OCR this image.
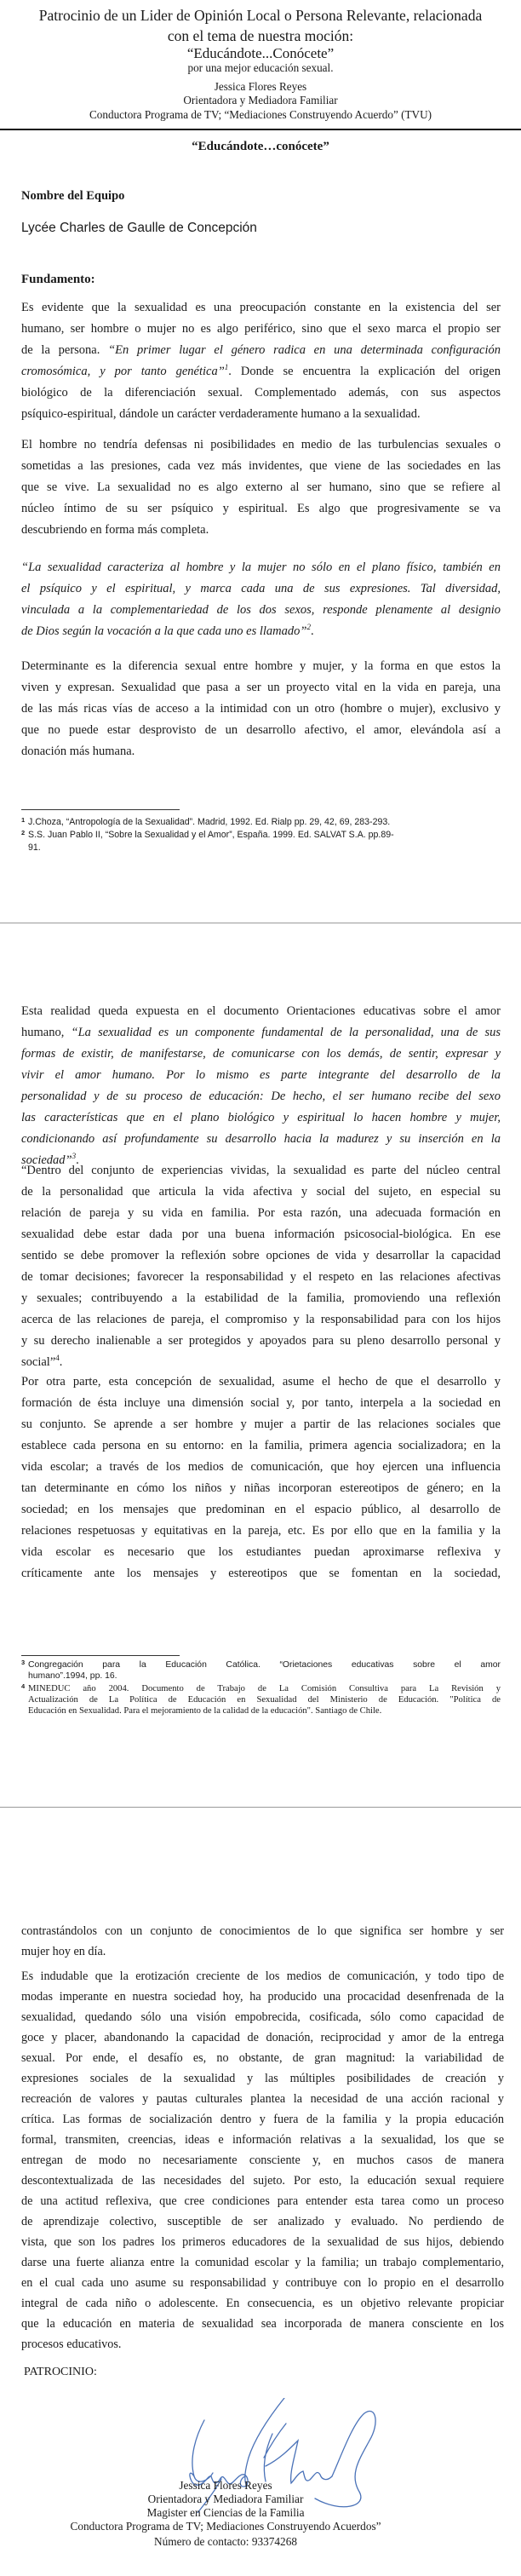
Patrocinio de un Lider de Opinión Local o Persona Relevante, relacionada
con el tema de nuestra moción:
“Educándote...Conócete”
por una mejor educación sexual.
Jessica Flores Reyes
Orientadora y Mediadora Familiar
Conductora Programa de TV; “Mediaciones Construyendo Acuerdo” (TVU)
“Educándote…conócete”
Nombre del Equipo
Lycée Charles de Gaulle de Concepción
Fundamento:
Es evidente que la sexualidad es una preocupación constante en la existencia del ser
humano, ser hombre o mujer no es algo periférico, sino que el sexo marca el propio ser
de la persona. “En primer lugar el género radica en una determinada configuración
cromosómica, y por tanto genética”$^1$. Donde se encuentra la explicación del origen
biológico de la diferenciación sexual. Complementado además, con sus aspectos
psíquico-espiritual, dándole un carácter verdaderamente humano a la sexualidad.
El hombre no tendría defensas ni posibilidades en medio de las turbulencias sexuales o
sometidas a las presiones, cada vez más invidentes, que viene de las sociedades en las
que se vive. La sexualidad no es algo externo al ser humano, sino que se refiere al
núcleo íntimo de su ser psíquico y espiritual. Es algo que progresivamente se va
descubriendo en forma más completa.
“La sexualidad caracteriza al hombre y la mujer no sólo en el plano físico, también en
el psíquico y el espiritual, y marca cada una de sus expresiones. Tal diversidad,
vinculada a la complementariedad de los dos sexos, responde plenamente al designio
de Dios según la vocación a la que cada uno es llamado”$^2$.
Determinante es la diferencia sexual entre hombre y mujer, y la forma en que estos la
viven y expresan. Sexualidad que pasa a ser un proyecto vital en la vida en pareja, una
de las más ricas vías de acceso a la intimidad con un otro (hombre o mujer), exclusivo y
que no puede estar desprovisto de un desarrollo afectivo, el amor, elevándola así a
donación más humana.
1 J.Choza, “Antropología de la Sexualidad”. Madrid, 1992. Ed. Rialp pp. 29, 42, 69, 283-293.
2 S.S. Juan Pablo II, “Sobre la Sexualidad y el Amor”, España. 1999. Ed. SALVAT S.A. pp.89-
91.
Esta realidad queda expuesta en el documento Orientaciones educativas sobre el amor
humano, “La sexualidad es un componente fundamental de la personalidad, una de sus
formas de existir, de manifestarse, de comunicarse con los demás, de sentir, expresar y
vivir el amor humano. Por lo mismo es parte integrante del desarrollo de la
personalidad y de su proceso de educación: De hecho, el ser humano recibe del sexo
las características que en el plano biológico y espiritual lo hacen hombre y mujer,
condicionando así profundamente su desarrollo hacia la madurez y su inserción en la
sociedad”$^3$.
“Dentro del conjunto de experiencias vividas, la sexualidad es parte del núcleo central
de la personalidad que articula la vida afectiva y social del sujeto, en especial su
relación de pareja y su vida en familia. Por esta razón, una adecuada formación en
sexualidad debe estar dada por una buena información psicosocial-biológica. En ese
sentido se debe promover la reflexión sobre opciones de vida y desarrollar la capacidad
de tomar decisiones; favorecer la responsabilidad y el respeto en las relaciones afectivas
y sexuales; contribuyendo a la estabilidad de la familia, promoviendo una reflexión
acerca de las relaciones de pareja, el compromiso y la responsabilidad para con los hijos
y su derecho inalienable a ser protegidos y apoyados para su pleno desarrollo personal y
social”$^4$.
Por otra parte, esta concepción de sexualidad, asume el hecho de que el desarrollo y
formación de ésta incluye una dimensión social y, por tanto, interpela a la sociedad en
su conjunto. Se aprende a ser hombre y mujer a partir de las relaciones sociales que
establece cada persona en su entorno: en la familia, primera agencia socializadora; en la
vida escolar; a través de los medios de comunicación, que hoy ejercen una influencia
tan determinante en cómo los niños y niñas incorporan estereotipos de género; en la
sociedad; en los mensajes que predominan en el espacio público, al desarrollo de
relaciones respetuosas y equitativas en la pareja, etc. Es por ello que en la familia y la
vida escolar es necesario que los estudiantes puedan aproximarse reflexiva y
críticamente ante los mensajes y estereotipos que se fomentan en la sociedad,
3 Congregación para la Educación Católica. “Orietaciones educativas sobre el amor
humano”.1994, pp. 16.
4 MINEDUC año 2004. Documento de Trabajo de La Comisión Consultiva para La Revisión y
Actualización de La Política de Educación en Sexualidad del Ministerio de Educación. "Política de
Educación en Sexualidad. Para el mejoramiento de la calidad de la educación". Santiago de Chile.
contrastándolos con un conjunto de conocimientos de lo que significa ser hombre y ser
mujer hoy en día.
Es indudable que la erotización creciente de los medios de comunicación, y todo tipo de
modas imperante en nuestra sociedad hoy, ha producido una procacidad desenfrenada de la
sexualidad, quedando sólo una visión empobrecida, cosificada, sólo como capacidad de
goce y placer, abandonando la capacidad de donación, reciprocidad y amor de la entrega
sexual. Por ende, el desafío es, no obstante, de gran magnitud: la variabilidad de
expresiones sociales de la sexualidad y las múltiples posibilidades de creación y
recreación de valores y pautas culturales plantea la necesidad de una acción racional y
crítica. Las formas de socialización dentro y fuera de la familia y la propia educación
formal, transmiten, creencias, ideas e información relativas a la sexualidad, los que se
entregan de modo no necesariamente consciente y, en muchos casos de manera
descontextualizada de las necesidades del sujeto. Por esto, la educación sexual requiere
de una actitud reflexiva, que cree condiciones para entender esta tarea como un proceso
de aprendizaje colectivo, susceptible de ser analizado y evaluado. No perdiendo de
vista, que son los padres los primeros educadores de la sexualidad de sus hijos, debiendo
darse una fuerte alianza entre la comunidad escolar y la familia; un trabajo complementario,
en el cual cada uno asume su responsabilidad y contribuye con lo propio en el desarrollo
integral de cada niño o adolescente. En consecuencia, es un objetivo relevante propiciar
que la educación en materia de sexualidad sea incorporada de manera consciente en los
procesos educativos.
PATROCINIO:
Jessica Flores Reyes
Orientadora y Mediadora Familiar
Magister en Ciencias de la Familia
Conductora Programa de TV; Mediaciones Construyendo Acuerdos”
Número de contacto: 93374268
